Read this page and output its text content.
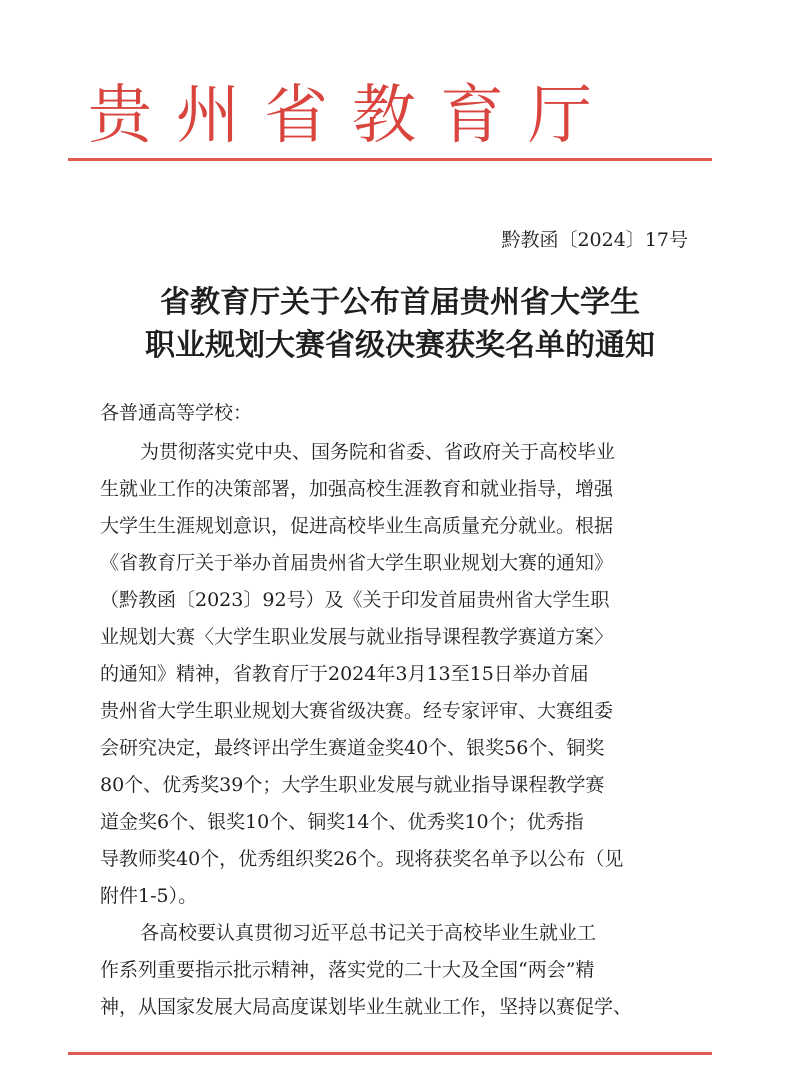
贵州省教育厅
黔教函〔2024〕17号
省教育厅关于公布首届贵州省大学生
职业规划大赛省级决赛获奖名单的通知
各普通高等学校：
为贯彻落实党中央、国务院和省委、省政府关于高校毕业
生就业工作的决策部署，加强高校生涯教育和就业指导，增强
大学生生涯规划意识，促进高校毕业生高质量充分就业。根据
《省教育厅关于举办首届贵州省大学生职业规划大赛的通知》
（黔教函〔2023〕92号）及《关于印发首届贵州省大学生职
业规划大赛〈大学生职业发展与就业指导课程教学赛道方案〉
的通知》精神，省教育厅于2024年3月13至15日举办首届
贵州省大学生职业规划大赛省级决赛。经专家评审、大赛组委
会研究决定，最终评出学生赛道金奖40个、银奖56个、铜奖
80个、优秀奖39个；大学生职业发展与就业指导课程教学赛
道金奖6个、银奖10个、铜奖14个、优秀奖10个；优秀指
导教师奖40个，优秀组织奖26个。现将获奖名单予以公布（见
附件1-5）。
各高校要认真贯彻习近平总书记关于高校毕业生就业工
作系列重要指示批示精神，落实党的二十大及全国“两会”精
神，从国家发展大局高度谋划毕业生就业工作，坚持以赛促学、
